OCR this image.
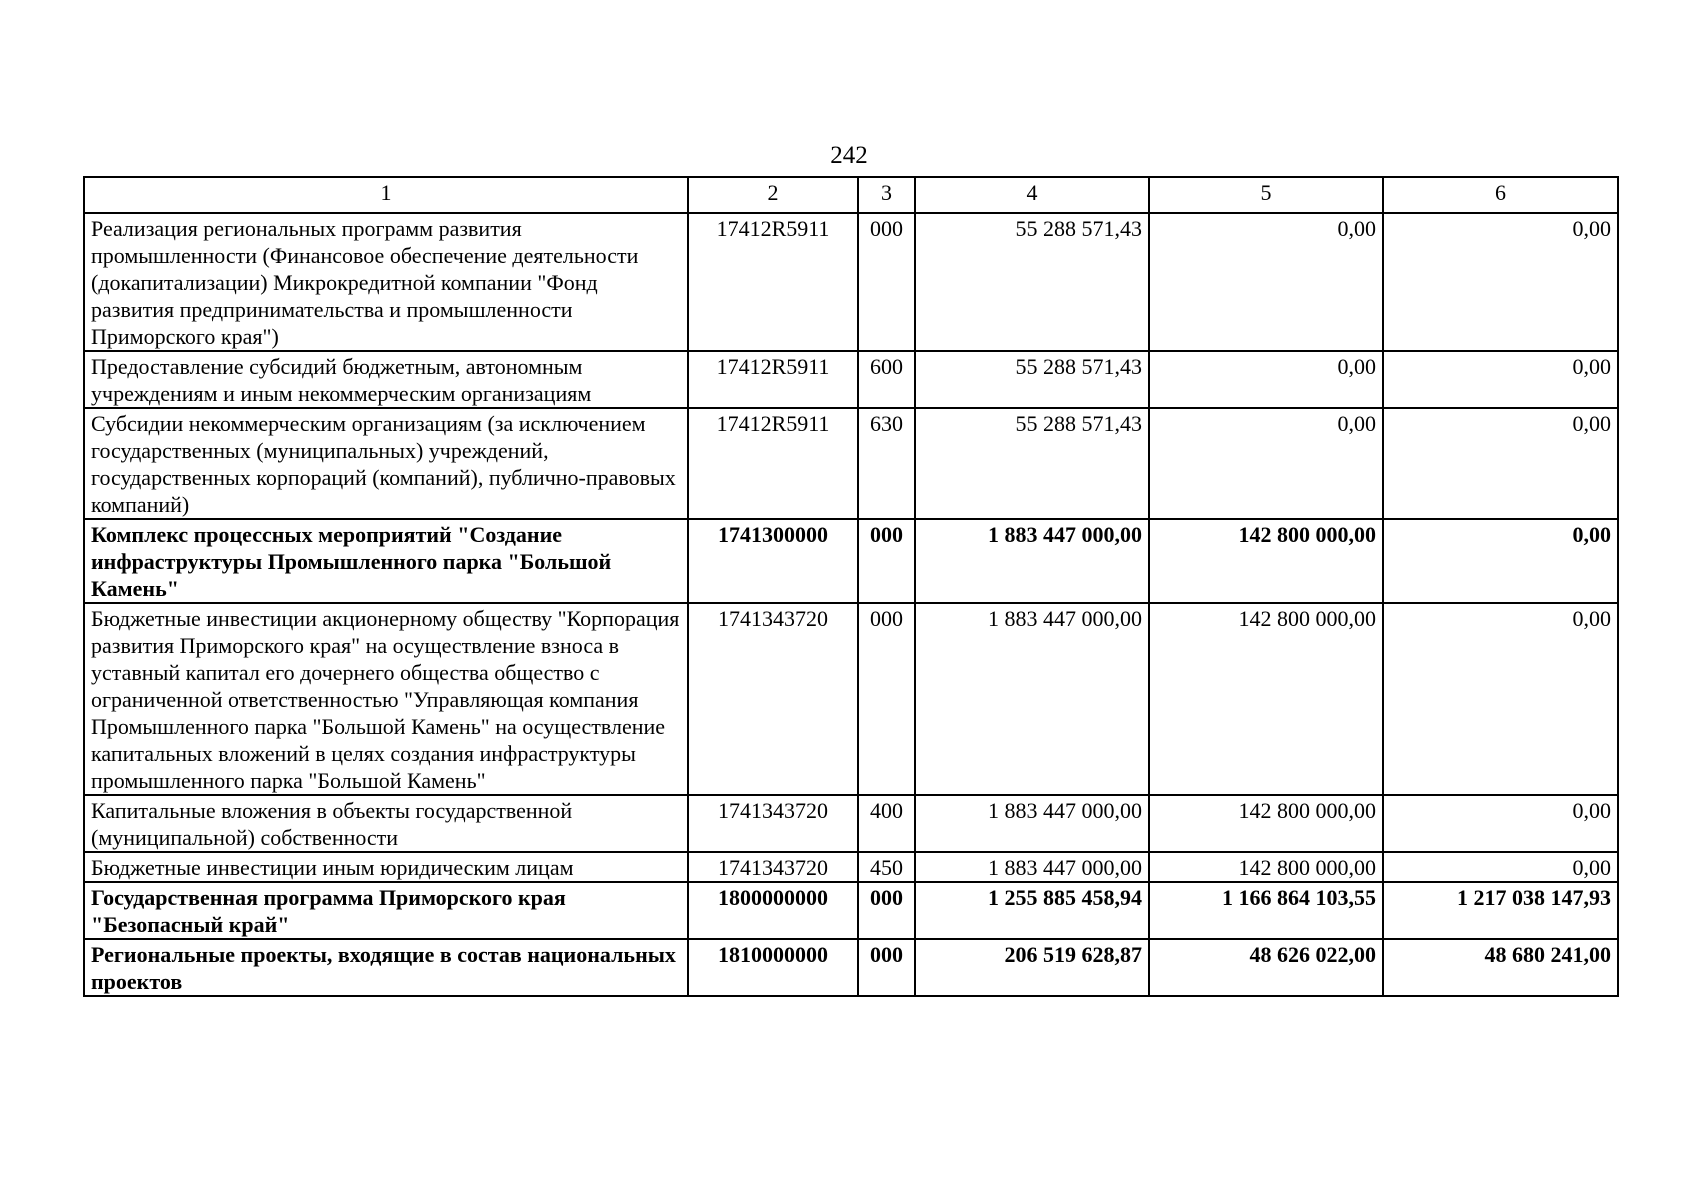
242
1	2	3	4	5	6
Реализация региональных программ развития промышленности (Финансовое обеспечение деятельности (докапитализации) Микрокредитной компании "Фонд развития предпринимательства и промышленности Приморского края")	17412R5911	000	55 288 571,43	0,00	0,00
Предоставление субсидий бюджетным, автономным учреждениям и иным некоммерческим организациям	17412R5911	600	55 288 571,43	0,00	0,00
Субсидии некоммерческим организациям (за исключением государственных (муниципальных) учреждений, государственных корпораций (компаний), публично-правовых компаний)	17412R5911	630	55 288 571,43	0,00	0,00
Комплекс процессных мероприятий "Создание инфраструктуры Промышленного парка "Большой Камень"	1741300000	000	1 883 447 000,00	142 800 000,00	0,00
Бюджетные инвестиции акционерному обществу "Корпорация развития Приморского края" на осуществление взноса в уставный капитал его дочернего общества общество с ограниченной ответственностью "Управляющая компания Промышленного парка "Большой Камень" на осуществление капитальных вложений в целях создания инфраструктуры промышленного парка "Большой Камень"	1741343720	000	1 883 447 000,00	142 800 000,00	0,00
Капитальные вложения в объекты государственной (муниципальной) собственности	1741343720	400	1 883 447 000,00	142 800 000,00	0,00
Бюджетные инвестиции иным юридическим лицам	1741343720	450	1 883 447 000,00	142 800 000,00	0,00
Государственная программа Приморского края "Безопасный край"	1800000000	000	1 255 885 458,94	1 166 864 103,55	1 217 038 147,93
Региональные проекты, входящие в состав национальных проектов	1810000000	000	206 519 628,87	48 626 022,00	48 680 241,00
